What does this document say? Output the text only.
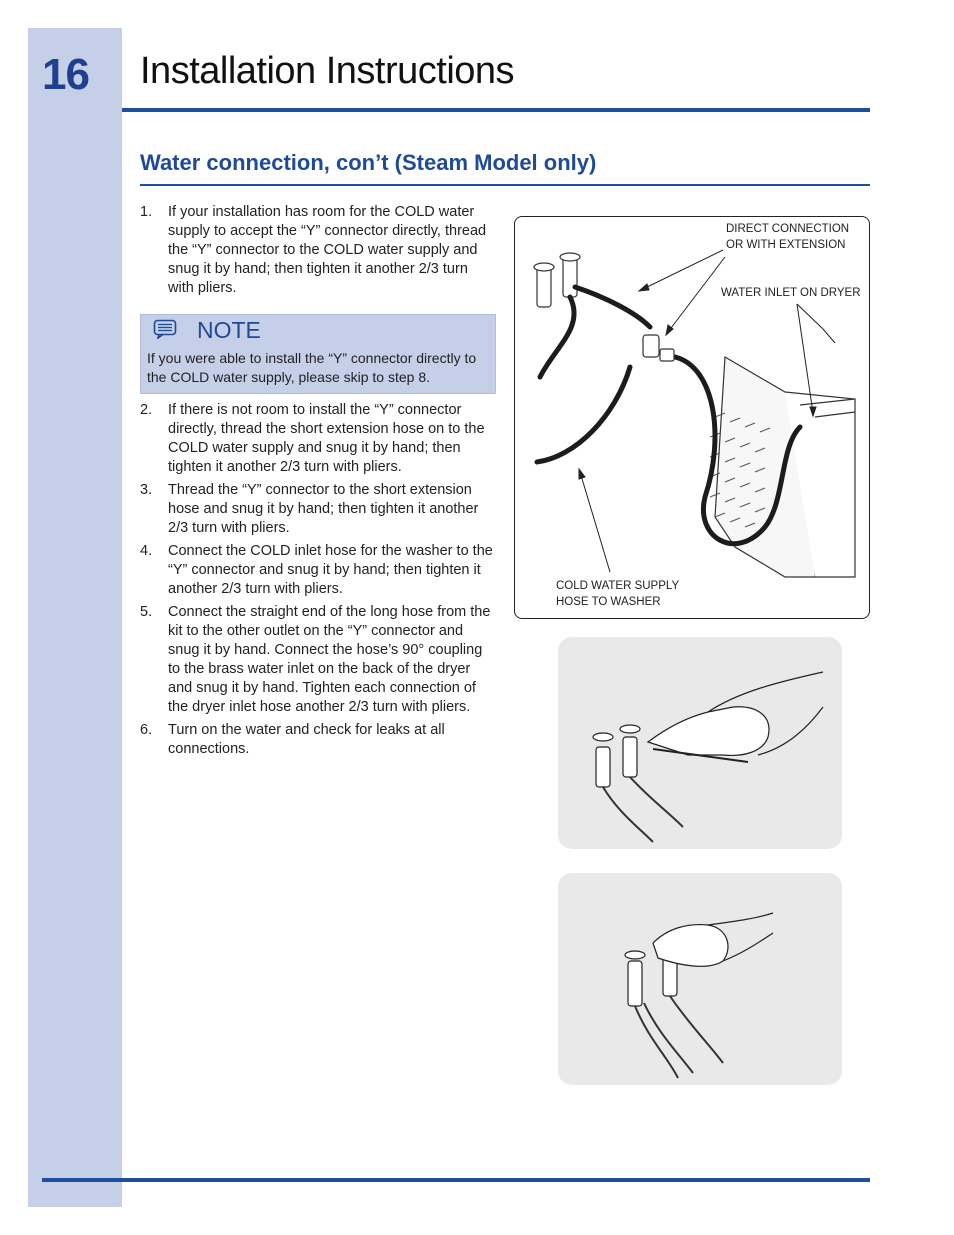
16	Installation Instructions
Water connection, con’t (Steam Model only)
1. If your installation has room for the COLD water supply to accept the “Y” connector directly, thread the “Y” connector to the COLD water supply and snug it by hand; then tighten it another 2/3 turn with pliers.
NOTE
If you were able to install the “Y” connector directly to the COLD water supply, please skip to step 8.
2. If there is not room to install the “Y” connector directly, thread the short extension hose on to the COLD water supply and snug it by hand; then tighten it another 2/3 turn with pliers.
3. Thread the “Y” connector to the short extension hose and snug it by hand; then tighten it another 2/3 turn with pliers.
4. Connect the COLD inlet hose for the washer to the “Y” connector and snug it by hand; then tighten it another 2/3 turn with pliers.
5. Connect the straight end of the long hose from the kit to the other outlet on the “Y” connector and snug it by hand. Connect the hose’s 90° coupling to the brass water inlet on the back of the dryer and snug it by hand. Tighten each connection of the dryer inlet hose another 2/3 turn with pliers.
6. Turn on the water and check for leaks at all connections.
DIRECT CONNECTION
OR WITH EXTENSION
WATER INLET ON DRYER
COLD WATER SUPPLY
HOSE TO WASHER
